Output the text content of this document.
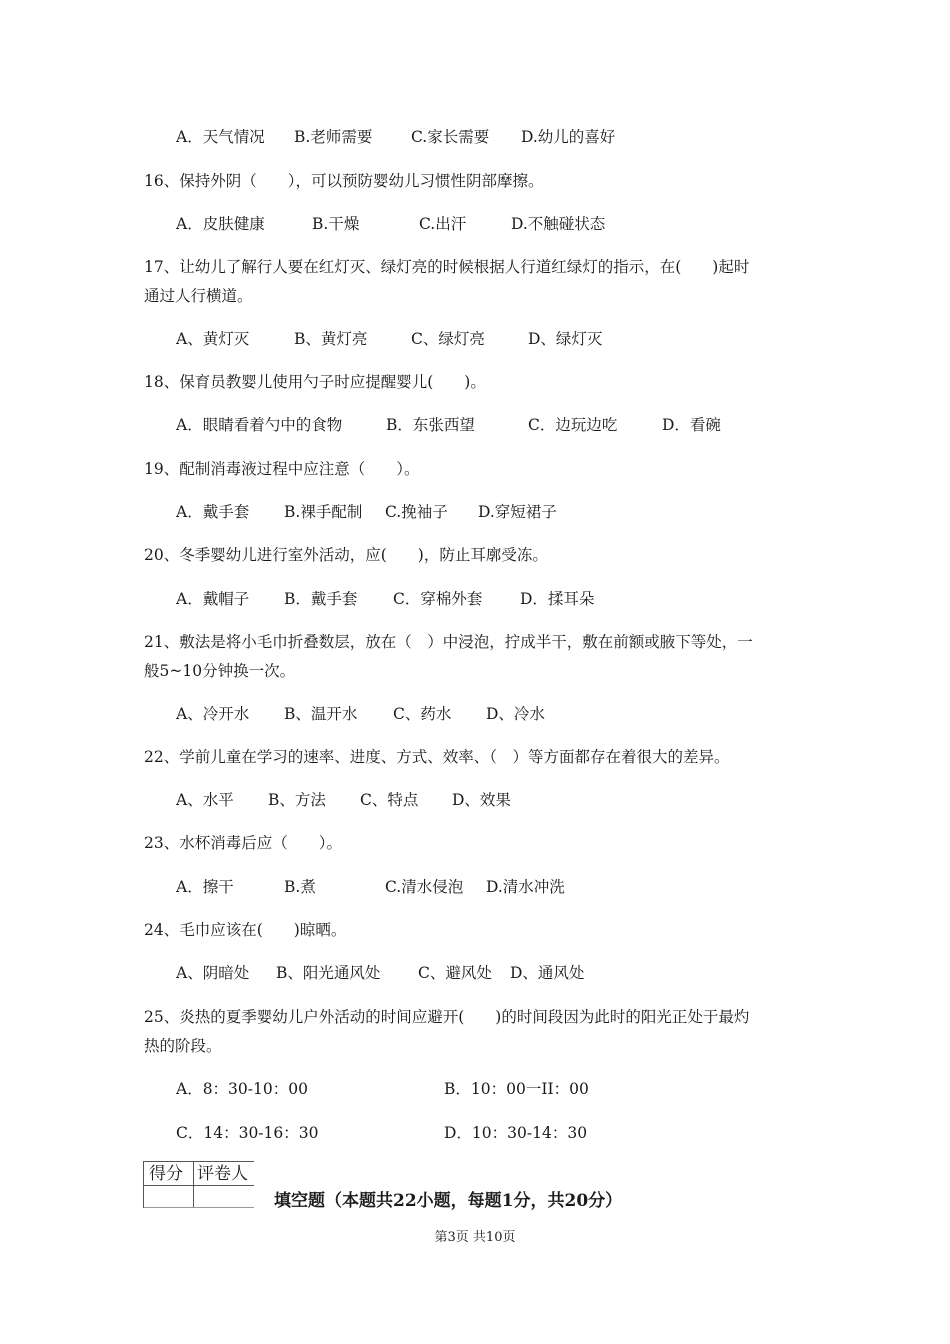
A．天气情况 B.老师需要 C.家长需要 D.幼儿的喜好
16、保持外阴（　　），可以预防婴幼儿习惯性阴部摩擦。
A．皮肤健康	B.干燥	C.出汗	D.不触碰状态
17、让幼儿了解行人要在红灯灭、绿灯亮的时候根据人行道红绿灯的指示，在(　　)起时
通过人行横道。
A、黄灯灭	B、黄灯亮	C、绿灯亮	D、绿灯灭
18、保育员教婴儿使用勺子时应提醒婴儿(　　)。
A．眼睛看着勺中的食物	B．东张西望	C．边玩边吃	D．看碗
19、配制消毒液过程中应注意（　　）。
A．戴手套 B.裸手配制 C.挽袖子 D.穿短裙子
20、冬季婴幼儿进行室外活动，应(　　)，防止耳廓受冻。
A．戴帽子 B．戴手套 C．穿棉外套 D．揉耳朵
21、敷法是将小毛巾折叠数层，放在（　）中浸泡，拧成半干，敷在前额或腋下等处，一
般5~10分钟换一次。
A、冷开水 B、温开水 C、药水 D、冷水
22、学前儿童在学习的速率、进度、方式、效率、（　）等方面都存在着很大的差异。
A、水平 B、方法 C、特点 D、效果
23、水杯消毒后应（　　）。
A．擦干	B.煮	C.清水侵泡 D.清水冲洗
24、毛巾应该在(　　)晾晒。
A、阴暗处 B、阳光通风处 C、避风处 D、通风处
25、炎热的夏季婴幼儿户外活动的时间应避开(　　)的时间段因为此时的阳光正处于最灼
热的阶段。
A．8：30-10：00	B．10：00一II：00
C．14：30-16：30	D．10：30-14：30
得分 评卷人
填空题（本题共22小题，每题1分，共20分）
第3页 共10页
